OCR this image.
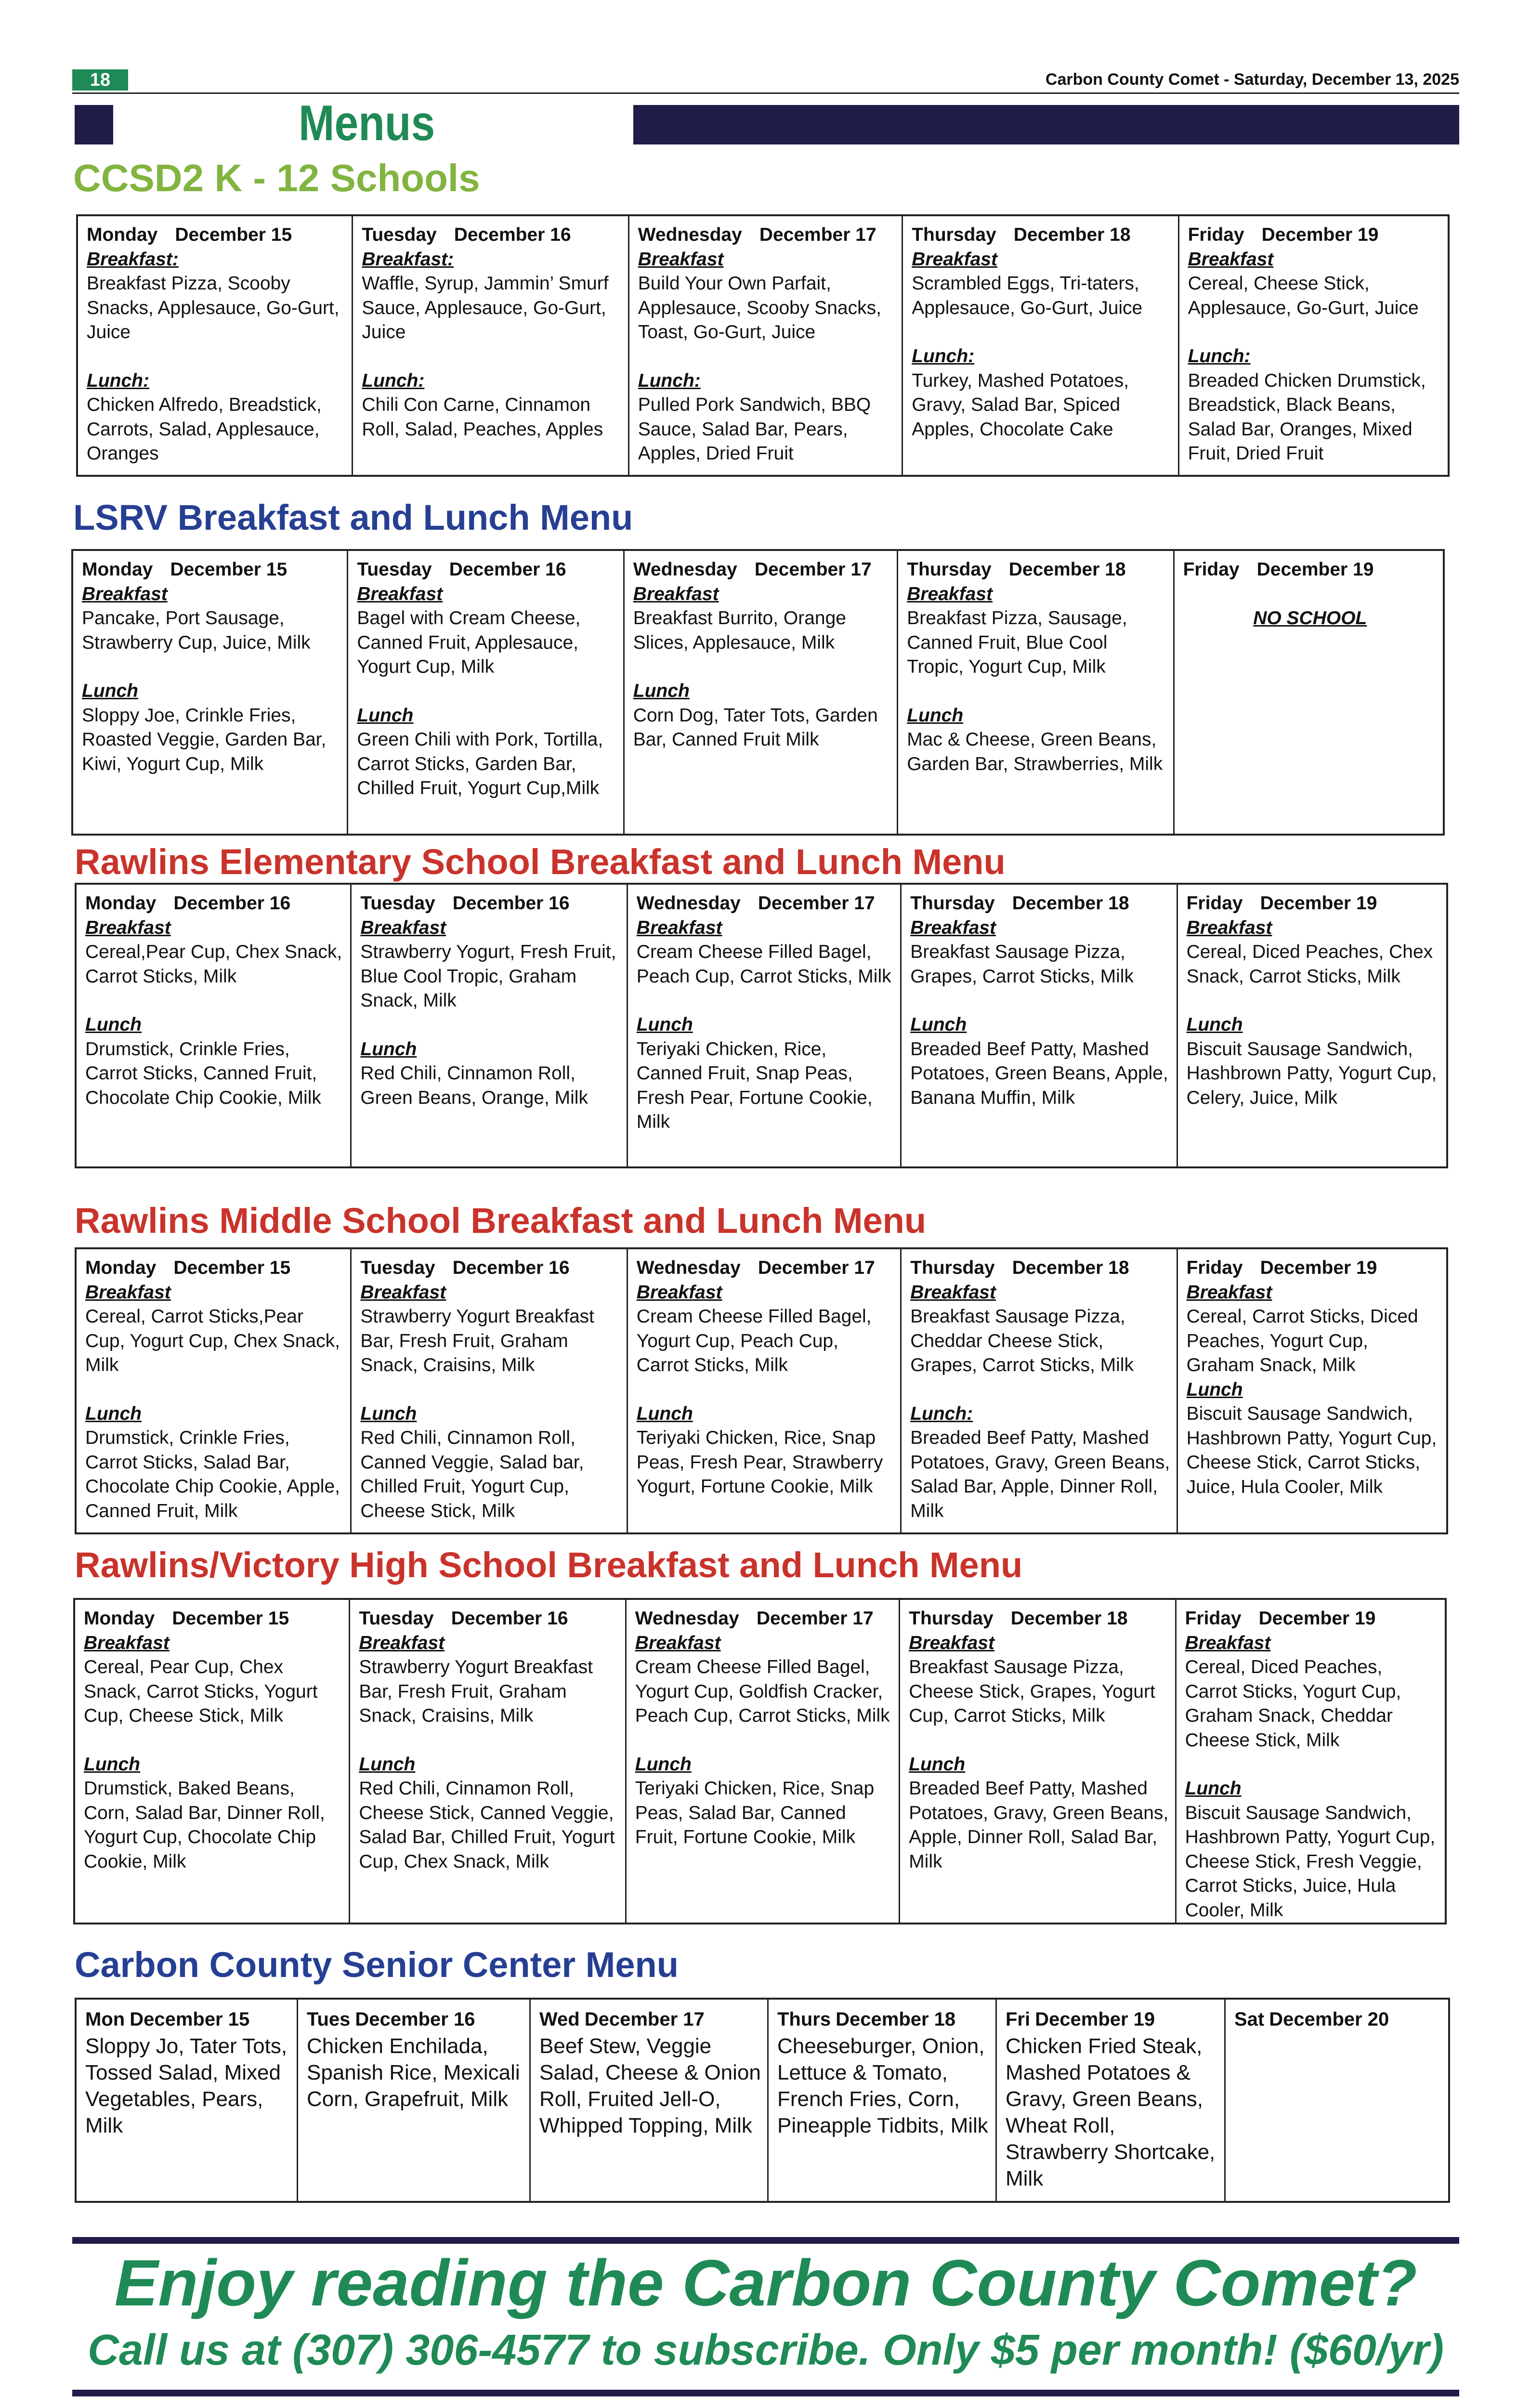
18	Carbon County Comet - Saturday, December 13, 2025
Menus
CCSD2 K - 12 Schools
LSRV Breakfast and Lunch Menu
Rawlins Elementary School Breakfast and Lunch Menu
Rawlins Middle School Breakfast and Lunch Menu
Rawlins/Victory High School Breakfast and Lunch Menu
Carbon County Senior Center Menu
Monday December 15
Breakfast:
Breakfast Pizza, Scooby Snacks, Applesauce, Go-Gurt, Juice
Lunch:
Chicken Alfredo, Breadstick, Carrots, Salad, Applesauce, Oranges
Tuesday December 16
Breakfast:
Waffle, Syrup, Jammin’ Smurf Sauce, Applesauce, Go-Gurt, Juice
Lunch:
Chili Con Carne, Cinnamon Roll, Salad, Peaches, Apples
Wednesday December 17
Breakfast
Build Your Own Parfait, Applesauce, Scooby Snacks, Toast, Go-Gurt, Juice
Lunch:
Pulled Pork Sandwich, BBQ Sauce, Salad Bar, Pears, Apples, Dried Fruit
Thursday December 18
Breakfast
Scrambled Eggs, Tri-taters, Applesauce, Go-Gurt, Juice
Lunch:
Turkey, Mashed Potatoes, Gravy, Salad Bar, Spiced Apples, Chocolate Cake
Friday December 19
Breakfast
Cereal, Cheese Stick, Applesauce, Go-Gurt, Juice
Lunch:
Breaded Chicken Drumstick, Breadstick, Black Beans, Salad Bar, Oranges, Mixed Fruit, Dried Fruit
Monday December 15
Breakfast
Pancake, Port Sausage, Strawberry Cup, Juice, Milk
Lunch
Sloppy Joe, Crinkle Fries, Roasted Veggie, Garden Bar, Kiwi, Yogurt Cup, Milk
Tuesday December 16
Breakfast
Bagel with Cream Cheese, Canned Fruit, Applesauce, Yogurt Cup, Milk
Lunch
Green Chili with Pork, Tortilla, Carrot Sticks, Garden Bar, Chilled Fruit, Yogurt Cup,Milk
Wednesday December 17
Breakfast
Breakfast Burrito, Orange Slices, Applesauce, Milk
Lunch
Corn Dog, Tater Tots, Garden Bar, Canned Fruit Milk
Thursday December 18
Breakfast
Breakfast Pizza, Sausage, Canned Fruit, Blue Cool Tropic, Yogurt Cup, Milk
Lunch
Mac & Cheese, Green Beans, Garden Bar, Strawberries, Milk
Friday December 19
NO SCHOOL
Monday December 16
Breakfast
Cereal,Pear Cup, Chex Snack, Carrot Sticks, Milk
Lunch
Drumstick, Crinkle Fries, Carrot Sticks, Canned Fruit, Chocolate Chip Cookie, Milk
Tuesday December 16
Breakfast
Strawberry Yogurt, Fresh Fruit, Blue Cool Tropic, Graham Snack, Milk
Lunch
Red Chili, Cinnamon Roll, Green Beans, Orange, Milk
Wednesday December 17
Breakfast
Cream Cheese Filled Bagel, Peach Cup, Carrot Sticks, Milk
Lunch
Teriyaki Chicken, Rice, Canned Fruit, Snap Peas, Fresh Pear, Fortune Cookie, Milk
Thursday December 18
Breakfast
Breakfast Sausage Pizza, Grapes, Carrot Sticks, Milk
Lunch
Breaded Beef Patty, Mashed Potatoes, Green Beans, Apple, Banana Muffin, Milk
Friday December 19
Breakfast
Cereal, Diced Peaches, Chex Snack, Carrot Sticks, Milk
Lunch
Biscuit Sausage Sandwich, Hashbrown Patty, Yogurt Cup, Celery, Juice, Milk
Monday December 15
Breakfast
Cereal, Carrot Sticks,Pear Cup, Yogurt Cup, Chex Snack, Milk
Lunch
Drumstick, Crinkle Fries, Carrot Sticks, Salad Bar, Chocolate Chip Cookie, Apple, Canned Fruit, Milk
Tuesday December 16
Breakfast
Strawberry Yogurt Breakfast Bar, Fresh Fruit, Graham Snack, Craisins, Milk
Lunch
Red Chili, Cinnamon Roll, Canned Veggie, Salad bar, Chilled Fruit, Yogurt Cup, Cheese Stick, Milk
Wednesday December 17
Breakfast
Cream Cheese Filled Bagel, Yogurt Cup, Peach Cup, Carrot Sticks, Milk
Lunch
Teriyaki Chicken, Rice, Snap Peas, Fresh Pear, Strawberry Yogurt, Fortune Cookie, Milk
Thursday December 18
Breakfast
Breakfast Sausage Pizza, Cheddar Cheese Stick, Grapes, Carrot Sticks, Milk
Lunch:
Breaded Beef Patty, Mashed Potatoes, Gravy, Green Beans, Salad Bar, Apple, Dinner Roll, Milk
Friday December 19
Breakfast
Cereal, Carrot Sticks, Diced Peaches, Yogurt Cup, Graham Snack, Milk
Lunch
Biscuit Sausage Sandwich, Hashbrown Patty, Yogurt Cup, Cheese Stick, Carrot Sticks, Juice, Hula Cooler, Milk
Monday December 15
Breakfast
Cereal, Pear Cup, Chex Snack, Carrot Sticks, Yogurt Cup, Cheese Stick, Milk
Lunch
Drumstick, Baked Beans, Corn, Salad Bar, Dinner Roll, Yogurt Cup, Chocolate Chip Cookie, Milk
Tuesday December 16
Breakfast
Strawberry Yogurt Breakfast Bar, Fresh Fruit, Graham Snack, Craisins, Milk
Lunch
Red Chili, Cinnamon Roll, Cheese Stick, Canned Veggie, Salad Bar, Chilled Fruit, Yogurt Cup, Chex Snack, Milk
Wednesday December 17
Breakfast
Cream Cheese Filled Bagel, Yogurt Cup, Goldfish Cracker, Peach Cup, Carrot Sticks, Milk
Lunch
Teriyaki Chicken, Rice, Snap Peas, Salad Bar, Canned Fruit, Fortune Cookie, Milk
Thursday December 18
Breakfast
Breakfast Sausage Pizza, Cheese Stick, Grapes, Yogurt Cup, Carrot Sticks, Milk
Lunch
Breaded Beef Patty, Mashed Potatoes, Gravy, Green Beans, Apple, Dinner Roll, Salad Bar, Milk
Friday December 19
Breakfast
Cereal, Diced Peaches, Carrot Sticks, Yogurt Cup, Graham Snack, Cheddar Cheese Stick, Milk
Lunch
Biscuit Sausage Sandwich, Hashbrown Patty, Yogurt Cup, Cheese Stick, Fresh Veggie, Carrot Sticks, Juice, Hula Cooler, Milk
Mon December 15
Sloppy Jo, Tater Tots, Tossed Salad, Mixed Vegetables, Pears, Milk
Tues December 16
Chicken Enchilada, Spanish Rice, Mexicali Corn, Grapefruit, Milk
Wed December 17
Beef Stew, Veggie Salad, Cheese & Onion Roll, Fruited Jell-O, Whipped Topping, Milk
Thurs December 18
Cheeseburger, Onion, Lettuce & Tomato, French Fries, Corn, Pineapple Tidbits, Milk
Fri December 19
Chicken Fried Steak, Mashed Potatoes & Gravy, Green Beans, Wheat Roll, Strawberry Shortcake, Milk
Sat December 20
Enjoy reading the Carbon County Comet?
Call us at (307) 306-4577 to subscribe. Only $5 per month! ($60/yr)
